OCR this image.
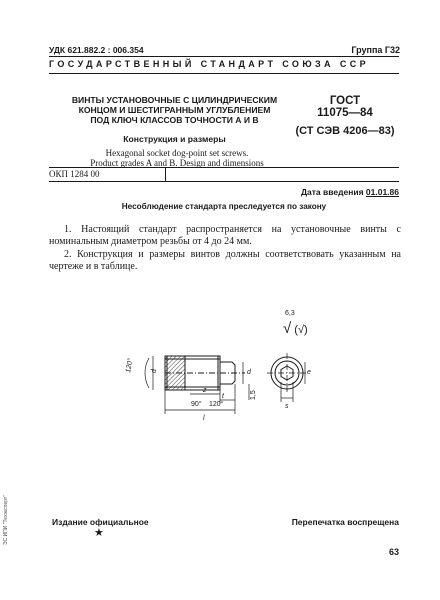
УДК 621.882.2 : 006.354	Группа Г32
ГОСУДАРСТВЕННЫЙ СТАНДАРТ СОЮЗА ССР
ВИНТЫ УСТАНОВОЧНЫЕ С ЦИЛИНДРИЧЕСКИМ
КОНЦОМ И ШЕСТИГРАННЫМ УГЛУБЛЕНИЕМ
ПОД КЛЮЧ КЛАССОВ ТОЧНОСТИ А И В
ГОСТ
11075—84
(СТ СЭВ 4206—83)
Конструкция и размеры
Hexagonal socket dog-point set screws.
Product grades A and B. Design and dimensions
ОКП 1284 00
Дата введения 01.01.86
Несоблюдение стандарта преследуется по закону

1. Настоящий стандарт распространяется на установочные винты с номинальным диаметром резьбы от 4 до 24 мм.

2. Конструкция и размеры винтов должны соответствовать указанным на чертеже и в таблице.

6,3
√ (√)
120° d	d
z
t
90° 120°
l
1,5
e
s
Издание официальное	Перепечатка воспрещена
★
63
ЭС ИПИ "Техэксперт"
